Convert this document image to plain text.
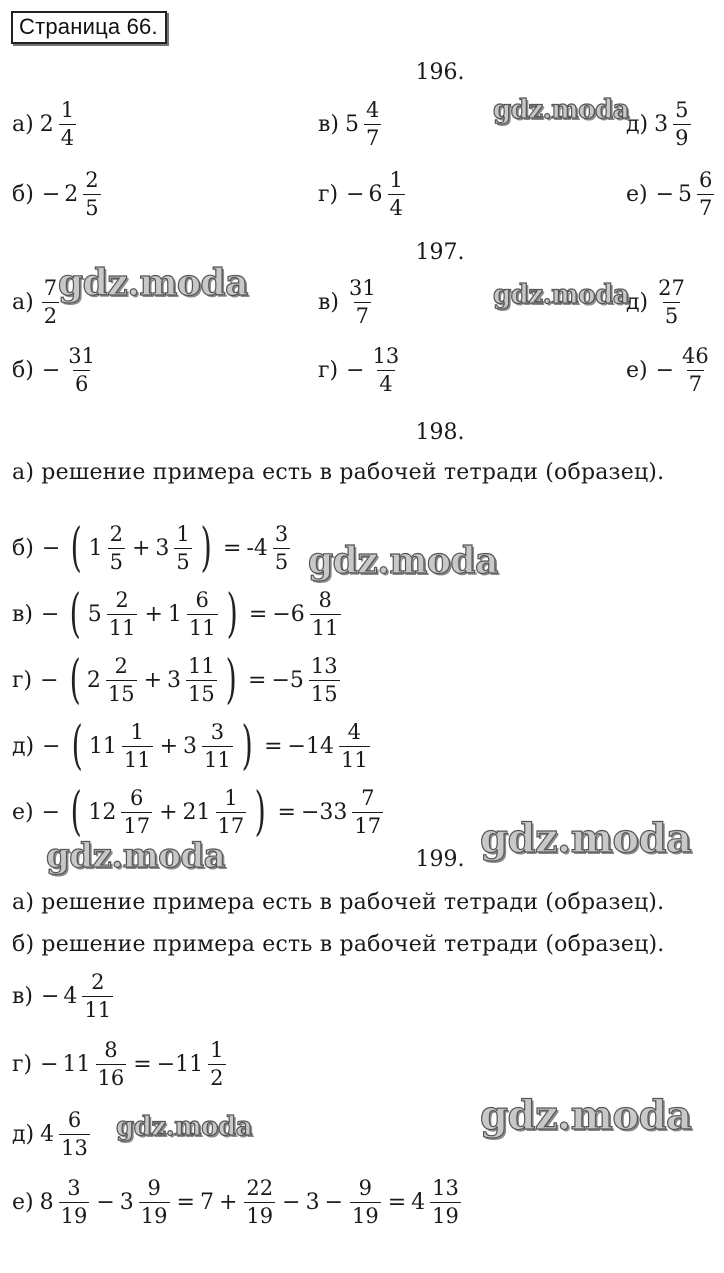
Страница 66.
196.
а) $2 \frac{1}{4}$	в) $5 \frac{4}{7}$	д) $3 \frac{5}{9}$
$б) - 2 \frac{2}{5}$	$г) - 6 \frac{1}{4}$	$е) - 5 \frac{6}{7}$
197.
$а) \frac{7}{2}$	$в) \frac{31}{7}$	$д) \frac{27}{5}$
$б) - \frac{31}{6}$	$г) - \frac{13}{4}$	$е) - \frac{46}{7}$
198.
а) решение примера есть в рабочей тетради (образец).
б) − ( $1 \frac{2}{5} + 3 \frac{1}{5}$ ) = $-4 \frac{3}{5}$
в) − ( $5 \frac{2}{11} + 1 \frac{6}{11}$ ) = $-6 \frac{8}{11}$
г) − ( $2 \frac{2}{15} + 3 \frac{11}{15}$ ) = $-5 \frac{13}{15}$
д) − ( $11 \frac{1}{11} + 3 \frac{3}{11}$ ) = $-14 \frac{4}{11}$
е) − ( $12 \frac{6}{17} + 21 \frac{1}{17}$ ) = $-33 \frac{7}{17}$
199.
а) решение примера есть в рабочей тетради (образец).
б) решение примера есть в рабочей тетради (образец).
$в) - 4 \frac{2}{11}$
$г) - 11 \frac{8}{16} = -11 \frac{1}{2}$
д) $4 \frac{6}{13}$
е) $8 \frac{3}{19} - 3 \frac{9}{19} = 7 + \frac{22}{19} - 3 - \frac{9}{19} = 4 \frac{13}{19}$
gdz.moda
gdz.moda	gdz.moda
gdz.moda
gdz.moda
gdz.moda
gdz.moda
gdz.moda
